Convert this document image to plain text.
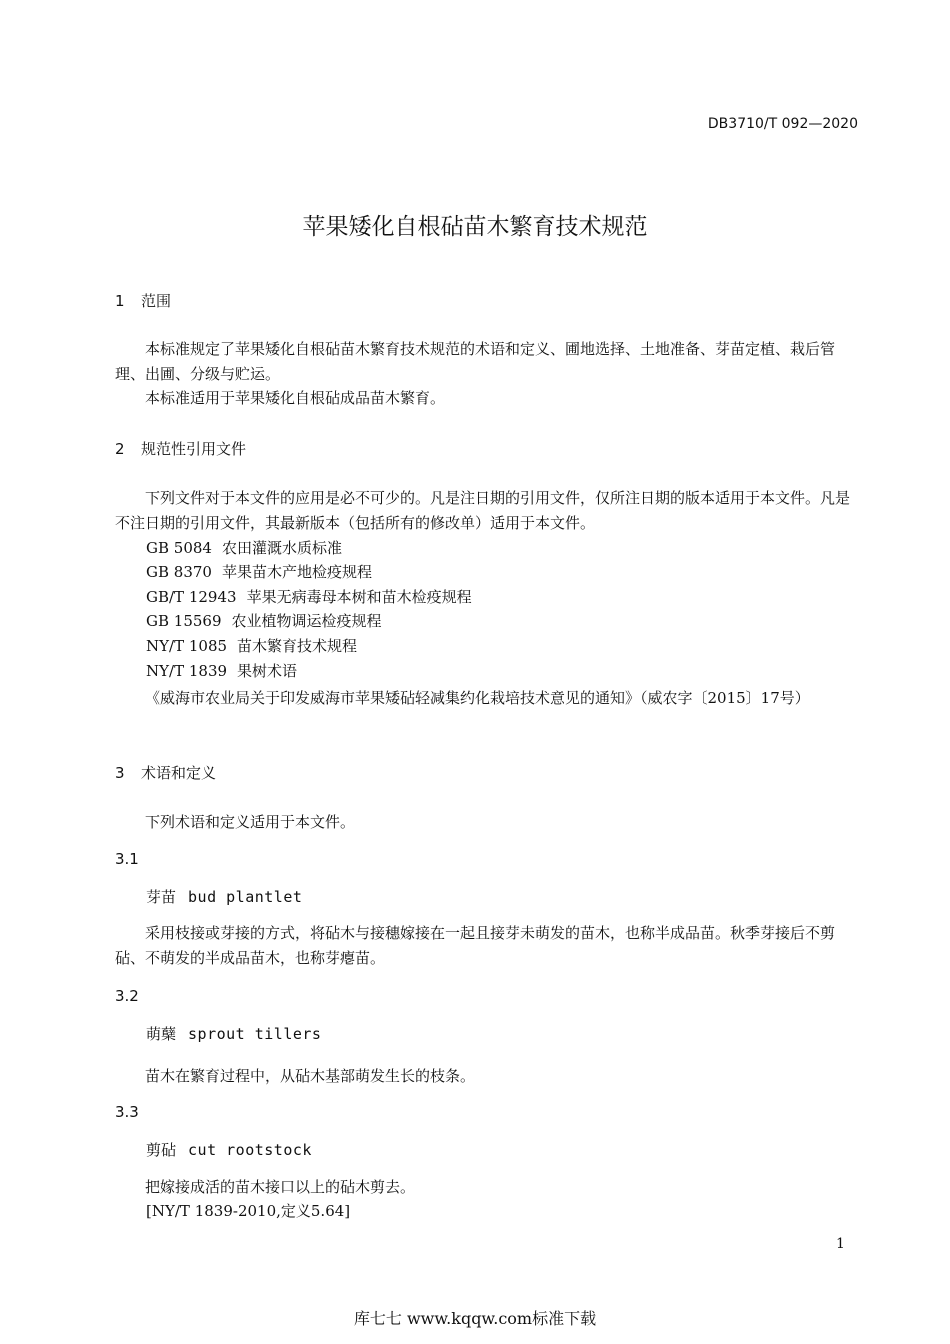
DB3710/T 092—2020
苹果矮化自根砧苗木繁育技术规范
1 范围
本标准规定了苹果矮化自根砧苗木繁育技术规范的术语和定义、圃地选择、土地准备、芽苗定植、栽后管理、出圃、分级与贮运。
本标准适用于苹果矮化自根砧成品苗木繁育。
2 规范性引用文件
下列文件对于本文件的应用是必不可少的。凡是注日期的引用文件，仅所注日期的版本适用于本文件。凡是不注日期的引用文件，其最新版本（包括所有的修改单）适用于本文件。
GB 5084 农田灌溉水质标准
GB 8370 苹果苗木产地检疫规程
GB/T 12943 苹果无病毒母本树和苗木检疫规程
GB 15569 农业植物调运检疫规程
NY/T 1085 苗木繁育技术规程
NY/T 1839 果树术语
《威海市农业局关于印发威海市苹果矮砧轻减集约化栽培技术意见的通知》（威农字〔2015〕17号）
3 术语和定义
下列术语和定义适用于本文件。
3.1
芽苗 bud plantlet
采用枝接或芽接的方式，将砧木与接穗嫁接在一起且接芽未萌发的苗木，也称半成品苗。秋季芽接后不剪砧、不萌发的半成品苗木，也称芽瘪苗。
3.2
萌蘖 sprout tillers
苗木在繁育过程中，从砧木基部萌发生长的枝条。
3.3
剪砧 cut rootstock
把嫁接成活的苗木接口以上的砧木剪去。
[NY/T 1839-2010,定义5.64]
1
库七七 www.kqqw.com标准下载
